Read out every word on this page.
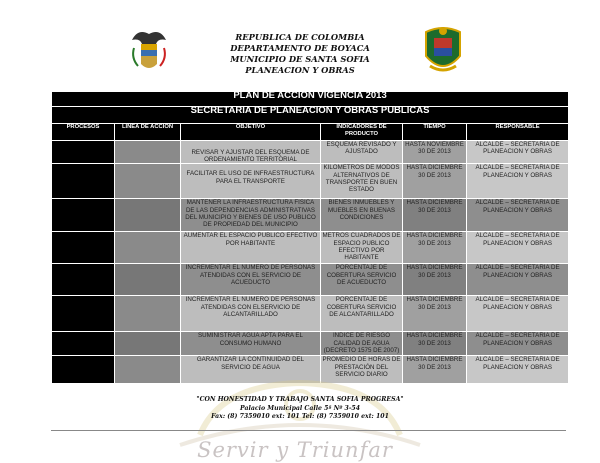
REPUBLICA DE COLOMBIA
DEPARTAMENTO DE BOYACA
MUNICIPIO DE SANTA SOFIA
PLANEACION Y OBRAS
PLAN DE ACCION VIGENCIA 2013					
SECRETARIA DE PLANEACION Y OBRAS PUBLICAS					
PROCESOS	LINEA DE ACCION	OBJETIVO	INDICADORES DE PRODUCTO	TIEMPO	RESPONSABLE
		REVISAR Y AJUSTAR DEL ESQUEMA DE ORDENAMIENTO TERRITORIAL	ESQUEMA REVISADO Y AJUSTADO	HASTA NOVIEMBRE 30 DE 2013	ALCALDE – SECRETARIA DE PLANEACION Y OBRAS
		FACILITAR EL USO DE INFRAESTRUCTURA PARA EL TRANSPORTE	KILOMETROS DE MODOS ALTERNATIVOS DE TRANSPORTE EN BUEN ESTADO	HASTA DICIEMBRE 30 DE 2013	ALCALDE – SECRETARIA DE PLANEACION Y OBRAS
		MANTENER LA INFRAESTRUCTURA FISICA DE LAS DEPENDENCIAS ADMINISTRATIVAS DEL MUNICIPIO Y BIENES DE USO PUBLICO DE PROPIEDAD DEL MUNICIPIO	BIENES INMUEBLES Y MUEBLES EN BUENAS CONDICIONES	HASTA DICIEMBRE 30 DE 2013	ALCALDE – SECRETARIA DE PLANEACION Y OBRAS
		AUMENTAR EL ESPACIO PUBLICO EFECTIVO POR HABITANTE	METROS CUADRADOS DE ESPACIO PUBLICO EFECTIVO POR HABITANTE	HASTA DICIEMBRE 30 DE 2013	ALCALDE – SECRETARIA DE PLANEACION Y OBRAS
		INCREMENTAR EL NÚMERO DE PERSONAS ATENDIDAS CON EL SERVICIO DE ACUEDUCTO	PORCENTAJE DE COBERTURA SERVICIO DE ACUEDUCTO	HASTA DICIEMBRE 30 DE 2013	ALCALDE – SECRETARIA DE PLANEACION Y OBRAS
		INCREMENTAR EL NÚMERO DE PERSONAS ATENDIDAS CON ELSERVICIO DE ALCANTARILLADO	PORCENTAJE DE COBERTURA SERVICIO DE ALCANTARILLADO	HASTA DICIEMBRE 30 DE 2013	ALCALDE – SECRETARIA DE PLANEACION Y OBRAS
		SUMINISTRAR AGUA APTA PARA EL CONSUMO HUMANO	INDICE DE RIESGO CALIDAD DE AGUA (DECRETO 1575 DE 2007)	HASTA DICIEMBRE 30 DE 2013	ALCALDE – SECRETARIA DE PLANEACION Y OBRAS
		GARANTIZAR LA CONTINUIDAD DEL SERVICIO DE AGUA	PROMEDIO DE HORAS DE PRESTACIÓN DEL SERVICIO DIARIO	HASTA DICIEMBRE 30 DE 2013	ALCALDE – SECRETARIA DE PLANEACION Y OBRAS
"CON HONESTIDAD Y TRABAJO SANTA SOFIA PROGRESA"
Palacio Municipal Calle 5ª Nº 3-54
Fax: (8) 7359010 ext: 101 Tel: (8) 7359010 ext: 101
Servir y Triunfar
